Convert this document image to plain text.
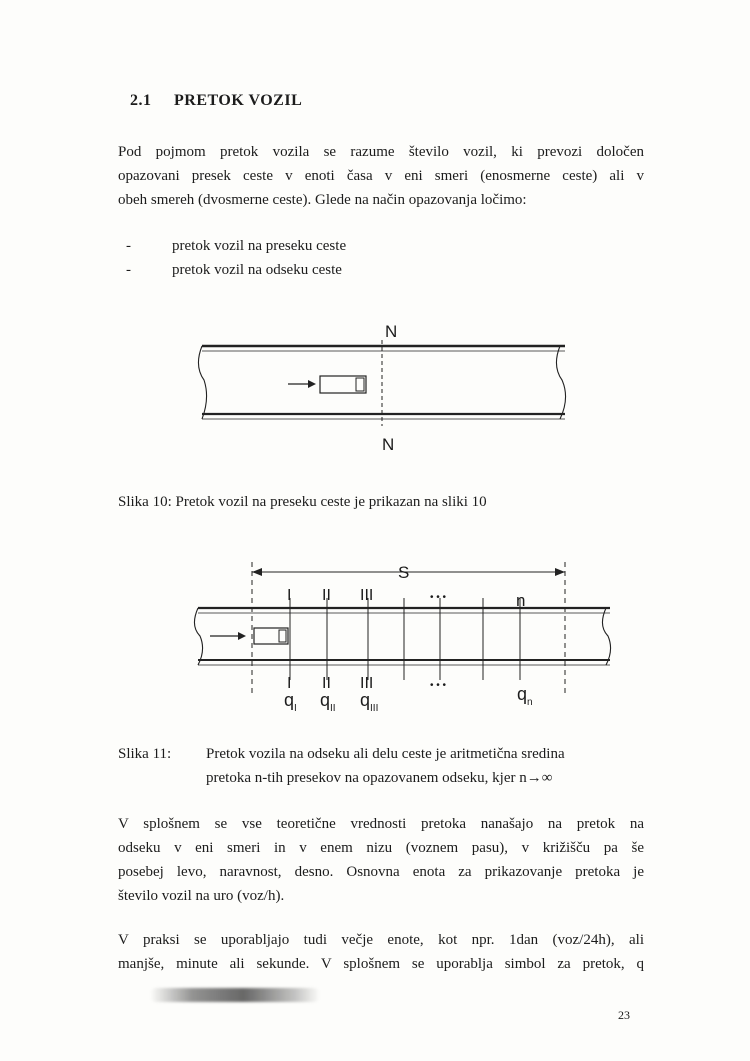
2.1 PRETOK VOZIL
Pod pojmom pretok vozila se razume število vozil, ki prevozi določen
opazovani presek ceste v enoti časa v eni smeri (enosmerne ceste) ali v
obeh smereh (dvosmerne ceste). Glede na način opazovanja ločimo:
-	pretok vozil na preseku ceste
-	pretok vozil na odseku ceste
N
N
Slika 10: Pretok vozil na preseku ceste je prikazan na sliki 10
S
I II III	• • •	n
I II III	• • •
$q_I$ $q_{II}$ $q_{III}$
$q_n$
Slika 11:	Pretok vozila na odseku ali delu ceste je aritmetična sredina
pretoka n-tih presekov na opazovanem odseku, kjer n→∞
V splošnem se vse teoretične vrednosti pretoka nanašajo na pretok na
odseku v eni smeri in v enem nizu (voznem pasu), v križišču pa še
posebej levo, naravnost, desno. Osnovna enota za prikazovanje pretoka je
število vozil na uro (voz/h).
V praksi se uporabljajo tudi večje enote, kot npr. 1dan (voz/24h), ali
manjše, minute ali sekunde. V splošnem se uporablja simbol za pretok, q
23
